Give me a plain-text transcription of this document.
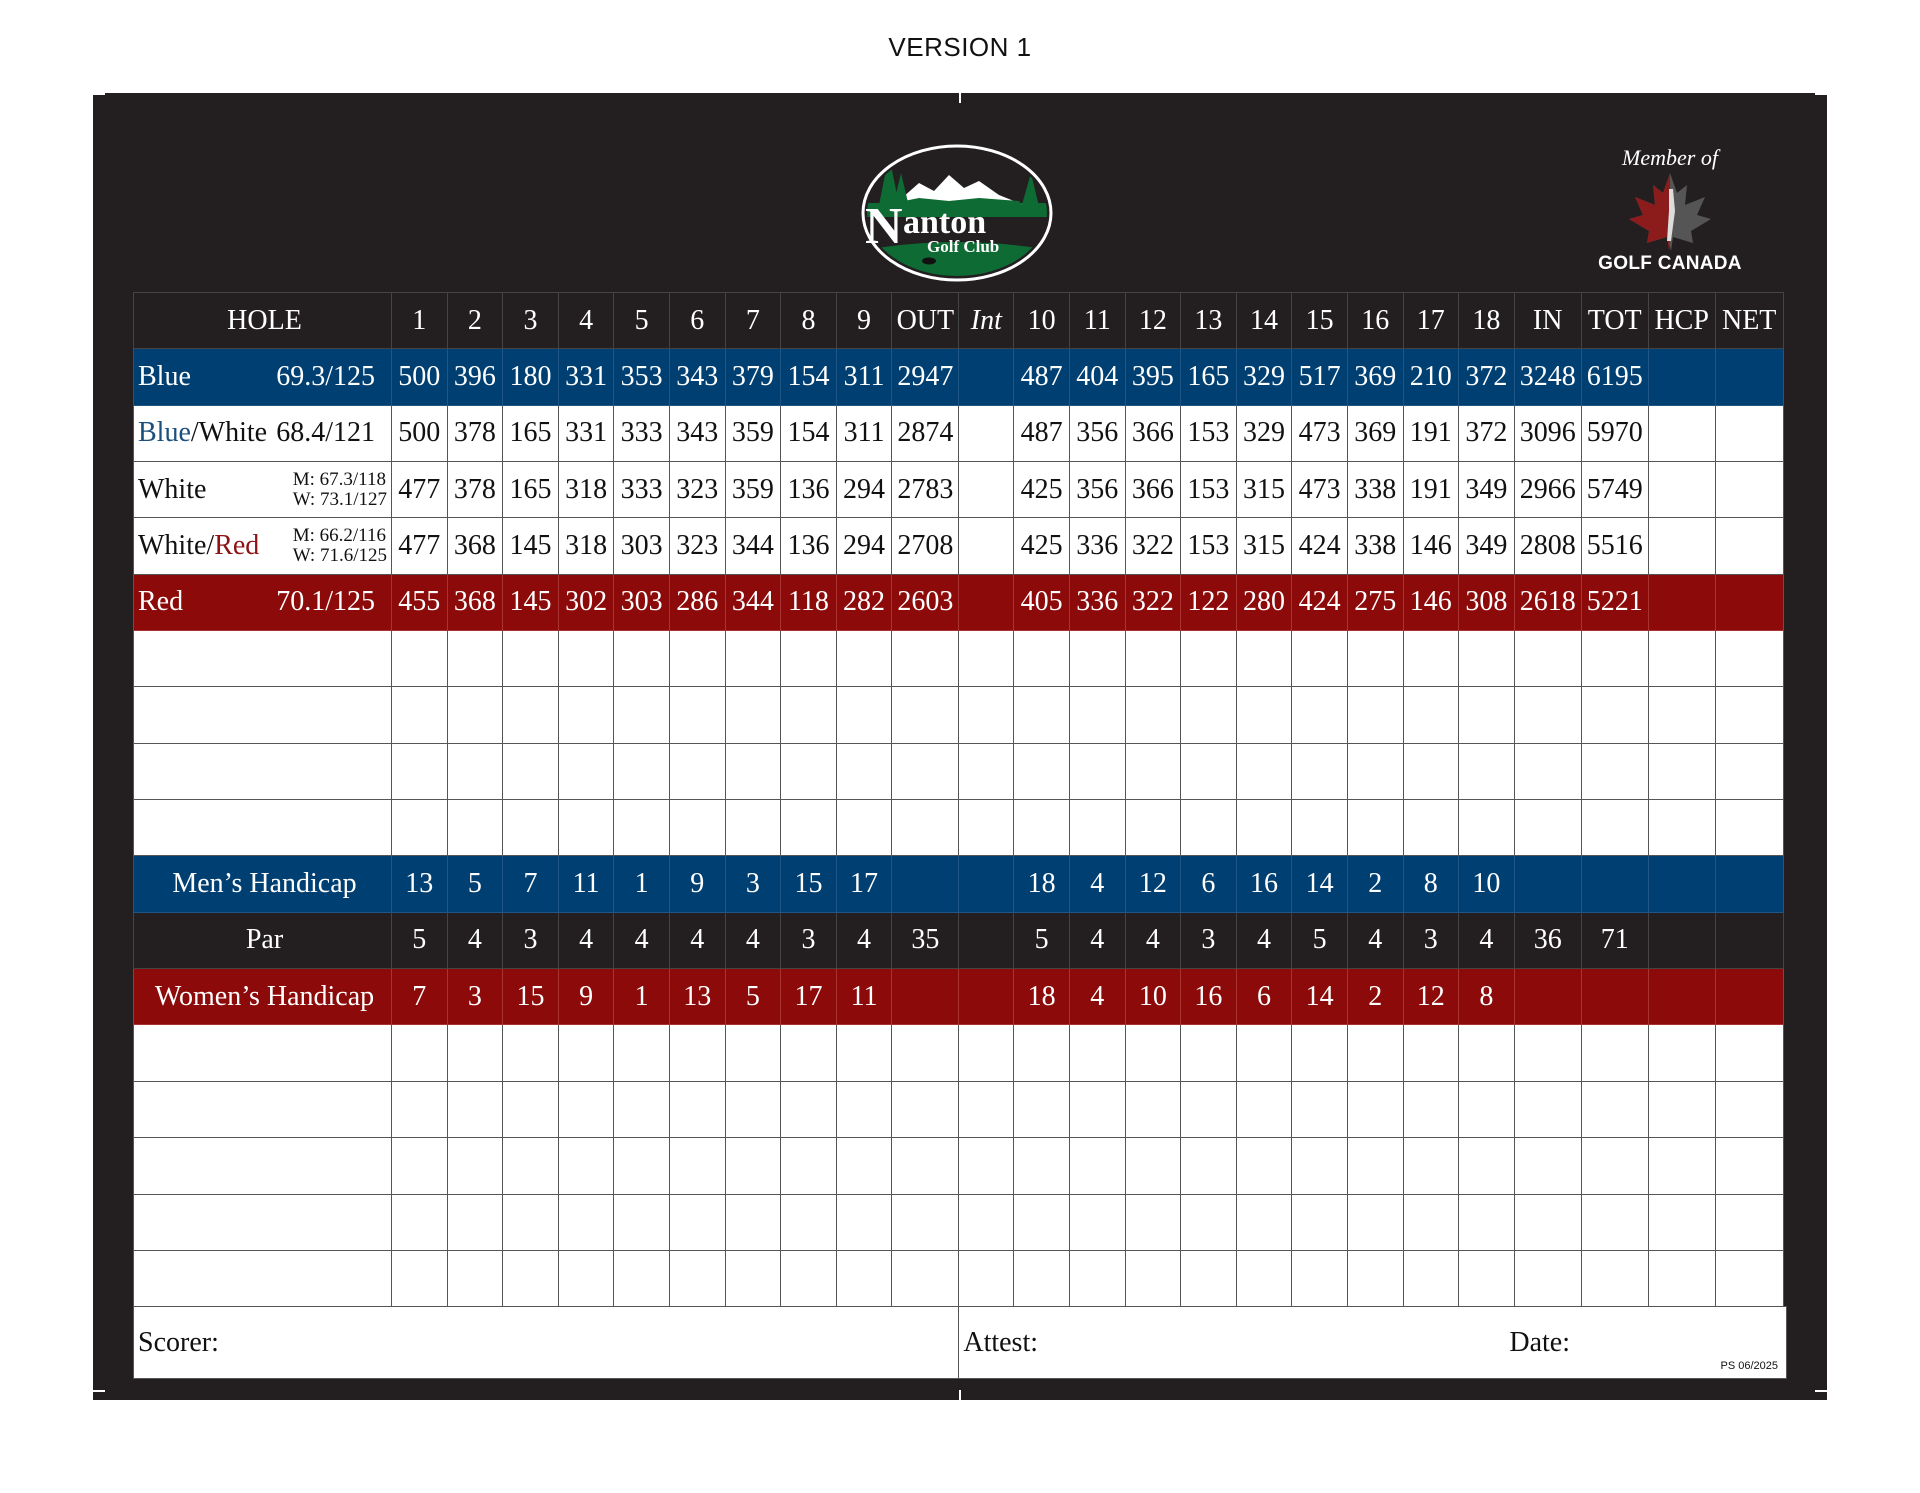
VERSION 1
N anton
Golf Club
Member of
GOLF CANADA
HOLE	1	2	3	4	5	6	7	8	9	OUT	Int	10	11	12	13	14	15	16	17	18	IN	TOT	HCP	NET

Blue 69.3/125	500	396	180	331	353	343	379	154	311	2947		487	404	395	165	329	517	369	210	372	3248	6195		

Blue/White 68.4/121	500	378	165	331	333	343	359	154	311	2874		487	356	366	153	329	473	369	191	372	3096	5970		

White M: 67.3/118
W: 73.1/127	477	378	165	318	333	323	359	136	294	2783		425	356	366	153	315	473	338	191	349	2966	5749		

White/Red M: 66.2/116
W: 71.6/125	477	368	145	318	303	323	344	136	294	2708		425	336	322	153	315	424	338	146	349	2808	5516		

Red 70.1/125	455	368	145	302	303	286	344	118	282	2603		405	336	322	122	280	424	275	146	308	2618	5221		

Men’s Handicap	13	5	7	11	1	9	3	15	17			18	4	12	6	16	14	2	8	10				
Par	5	4	3	4	4	4	4	3	4	35		5	4	4	3	4	5	4	3	4	36	71		
Women’s Handicap	7	3	15	9	1	13	5	17	11			18	4	10	16	6	14	2	12	8				

Scorer:											Attest: Date:
PS 06/2025													
